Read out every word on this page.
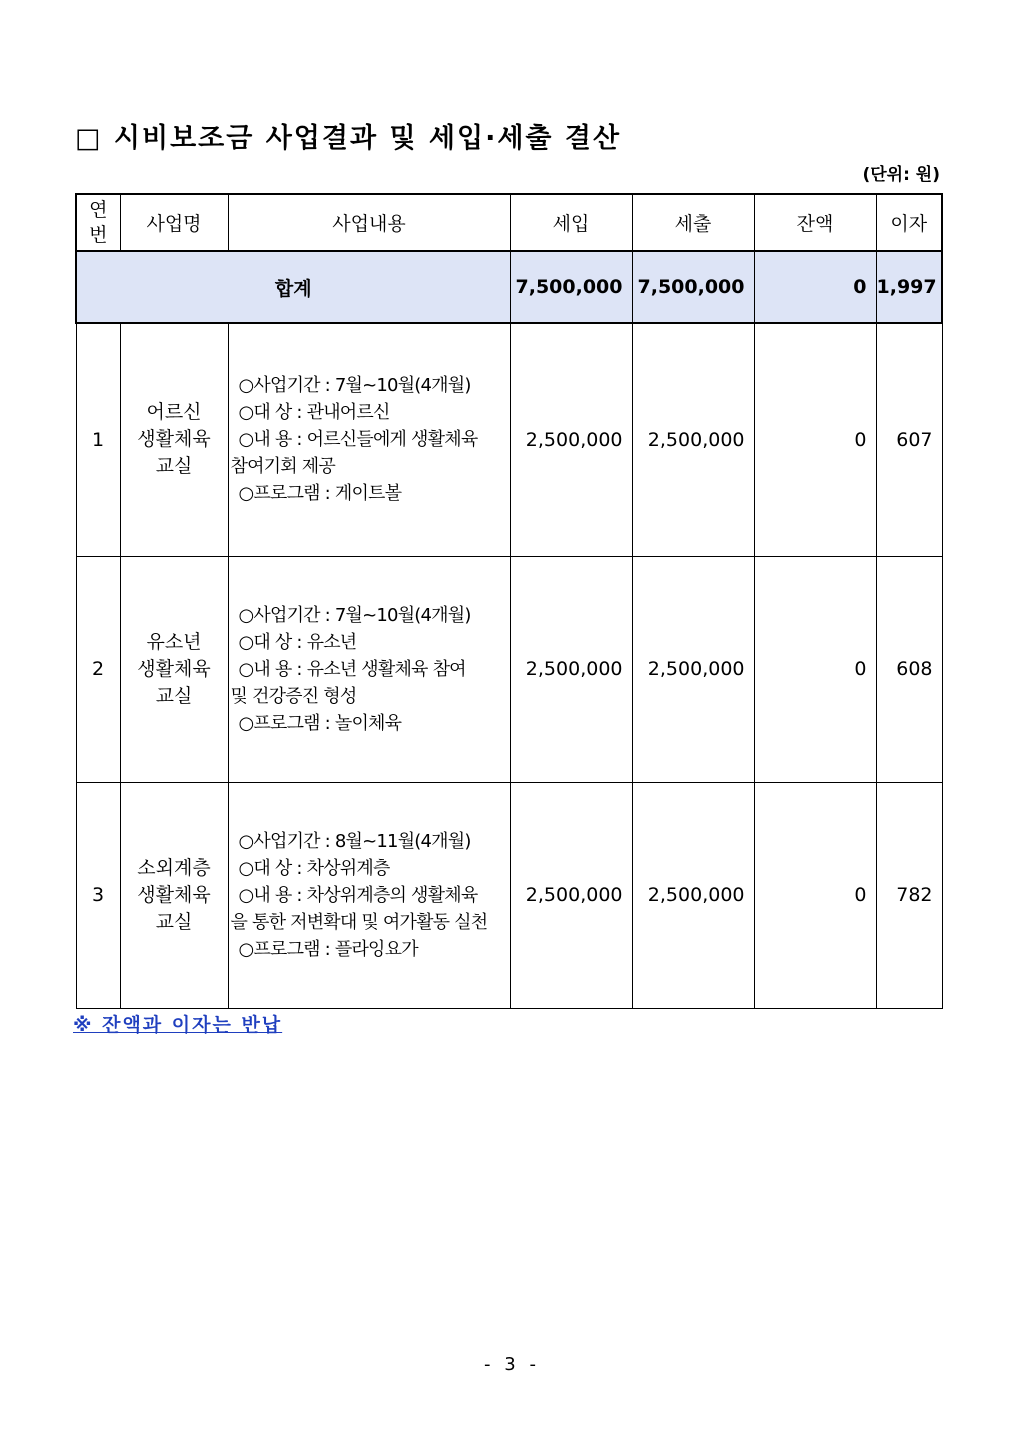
□ 시비보조금 사업결과 및 세입·세출 결산
(단위: 원)
연
번	사업명	사업내용	세입	세출	잔액	이자
합계			7,500,000	7,500,000	0	1,997
1	어르신
생활체육
교실	○사업기간 : 7월~10월(4개월)
○대 상 : 관내어르신
○내 용 : 어르신들에게 생활체육
참여기회 제공
○프로그램 : 게이트볼	2,500,000	2,500,000	0	607
2	유소년
생활체육
교실	○사업기간 : 7월~10월(4개월)
○대 상 : 유소년
○내 용 : 유소년 생활체육 참여
및 건강증진 형성
○프로그램 : 놀이체육	2,500,000	2,500,000	0	608
3	소외계층
생활체육
교실	○사업기간 : 8월~11월(4개월)
○대 상 : 차상위계층
○내 용 : 차상위계층의 생활체육
을 통한 저변확대 및 여가활동 실천
○프로그램 : 플라잉요가	2,500,000	2,500,000	0	782
※ 잔액과 이자는 반납
- 3 -
